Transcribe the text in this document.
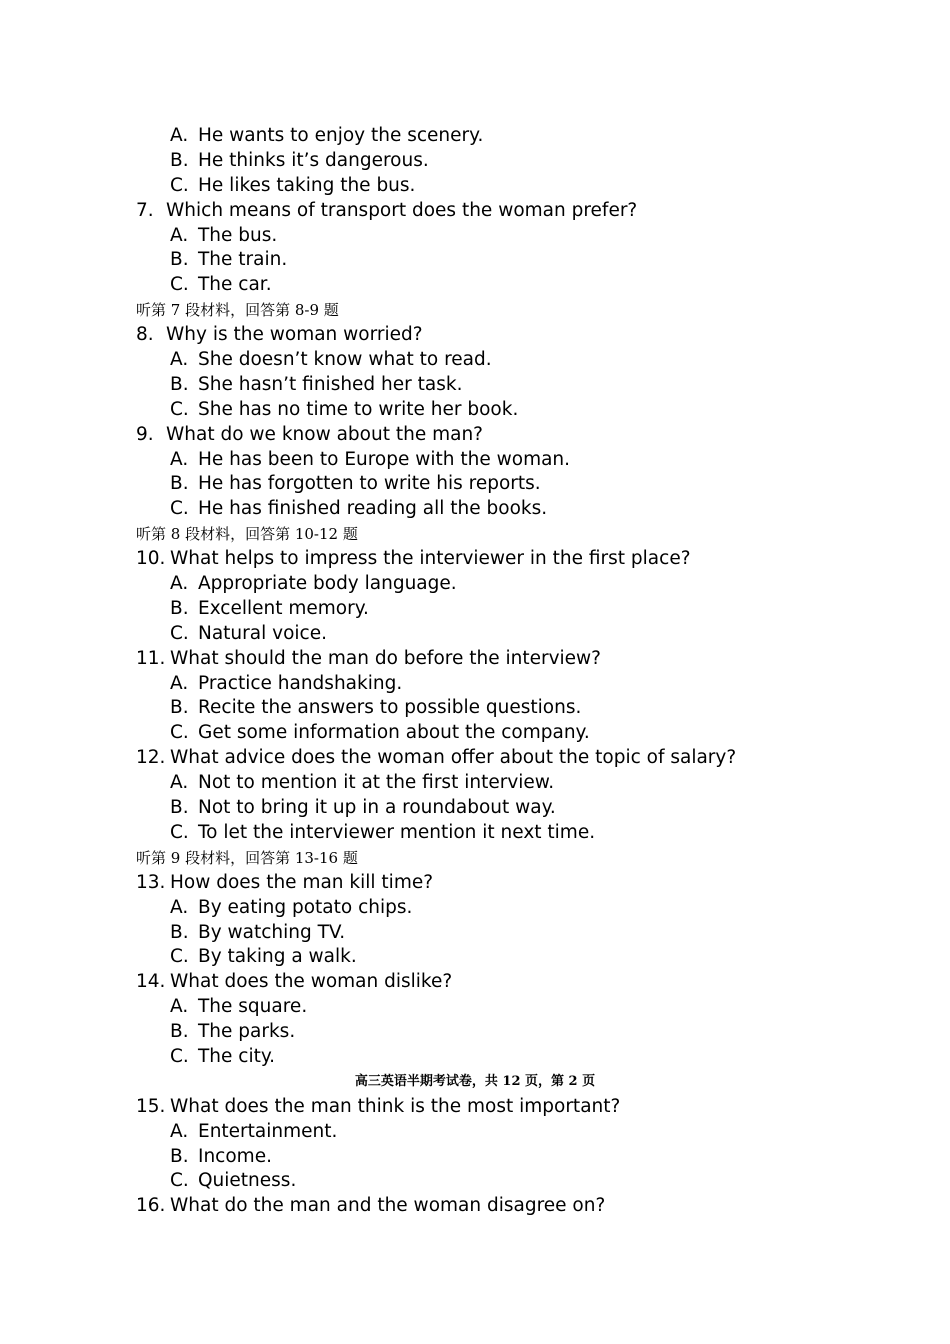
A. He wants to enjoy the scenery.
B. He thinks it’s dangerous.
C. He likes taking the bus.
7. Which means of transport does the woman prefer?
A. The bus.
B. The train.
C. The car.
听第 7 段材料，回答第 8-9 题
8. Why is the woman worried?
A. She doesn’t know what to read.
B. She hasn’t finished her task.
C. She has no time to write her book.
9. What do we know about the man?
A. He has been to Europe with the woman.
B. He has forgotten to write his reports.
C. He has finished reading all the books.
听第 8 段材料，回答第 10-12 题
10. What helps to impress the interviewer in the first place?
A. Appropriate body language.
B. Excellent memory.
C. Natural voice.
11. What should the man do before the interview?
A. Practice handshaking.
B. Recite the answers to possible questions.
C. Get some information about the company.
12. What advice does the woman offer about the topic of salary?
A. Not to mention it at the first interview.
B. Not to bring it up in a roundabout way.
C. To let the interviewer mention it next time.
听第 9 段材料，回答第 13-16 题
13. How does the man kill time?
A. By eating potato chips.
B. By watching TV.
C. By taking a walk.
14. What does the woman dislike?
A. The square.
B. The parks.
C. The city.
高三英语半期考试卷，共 12 页，第 2 页
15. What does the man think is the most important?
A. Entertainment.
B. Income.
C. Quietness.
16. What do the man and the woman disagree on?
